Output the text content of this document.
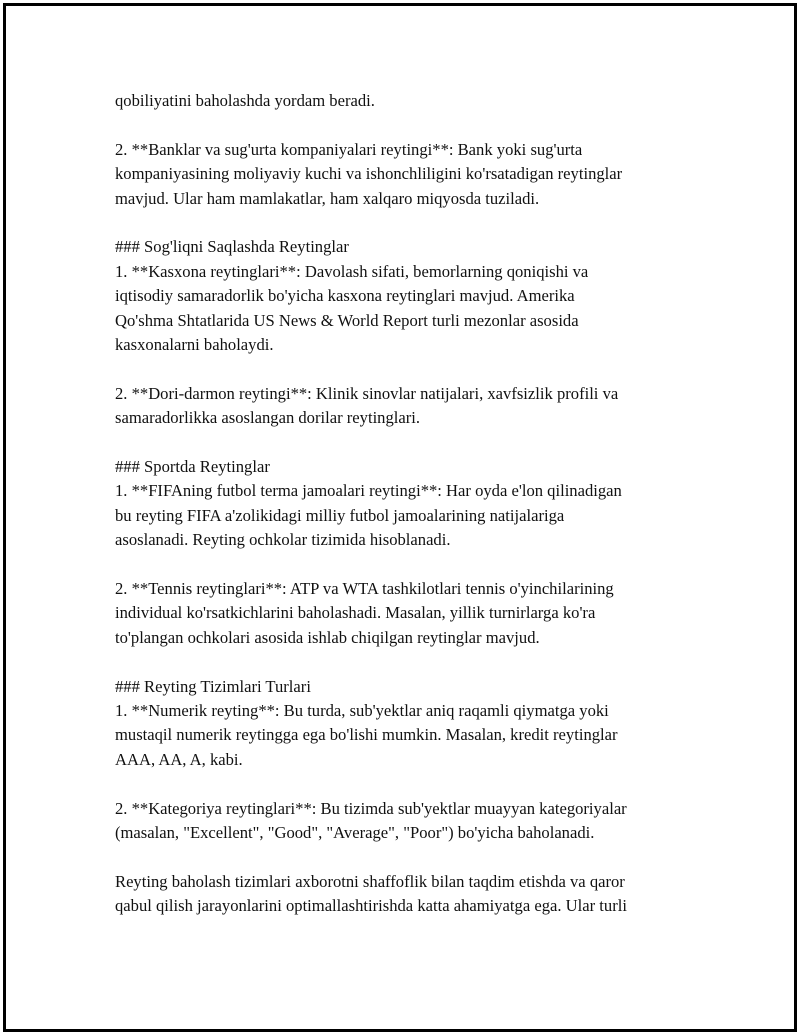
qobiliyatini baholashda yordam beradi.

2. **Banklar va sug'urta kompaniyalari reytingi**: Bank yoki sug'urta
kompaniyasining moliyaviy kuchi va ishonchliligini ko'rsatadigan reytinglar
mavjud. Ular ham mamlakatlar, ham xalqaro miqyosda tuziladi.

### Sog'liqni Saqlashda Reytinglar
1. **Kasxona reytinglari**: Davolash sifati, bemorlarning qoniqishi va
iqtisodiy samaradorlik bo'yicha kasxona reytinglari mavjud. Amerika
Qo'shma Shtatlarida US News & World Report turli mezonlar asosida
kasxonalarni baholaydi.

2. **Dori-darmon reytingi**: Klinik sinovlar natijalari, xavfsizlik profili va
samaradorlikka asoslangan dorilar reytinglari.

### Sportda Reytinglar
1. **FIFAning futbol terma jamoalari reytingi**: Har oyda e'lon qilinadigan
bu reyting FIFA a'zolikidagi milliy futbol jamoalarining natijalariga
asoslanadi. Reyting ochkolar tizimida hisoblanadi.

2. **Tennis reytinglari**: ATP va WTA tashkilotlari tennis o'yinchilarining
individual ko'rsatkichlarini baholashadi. Masalan, yillik turnirlarga ko'ra
to'plangan ochkolari asosida ishlab chiqilgan reytinglar mavjud.

### Reyting Tizimlari Turlari
1. **Numerik reyting**: Bu turda, sub'yektlar aniq raqamli qiymatga yoki
mustaqil numerik reytingga ega bo'lishi mumkin. Masalan, kredit reytinglar
AAA, AA, A, kabi.

2. **Kategoriya reytinglari**: Bu tizimda sub'yektlar muayyan kategoriyalar
(masalan, "Excellent", "Good", "Average", "Poor") bo'yicha baholanadi.

Reyting baholash tizimlari axborotni shaffoflik bilan taqdim etishda va qaror
qabul qilish jarayonlarini optimallashtirishda katta ahamiyatga ega. Ular turli
